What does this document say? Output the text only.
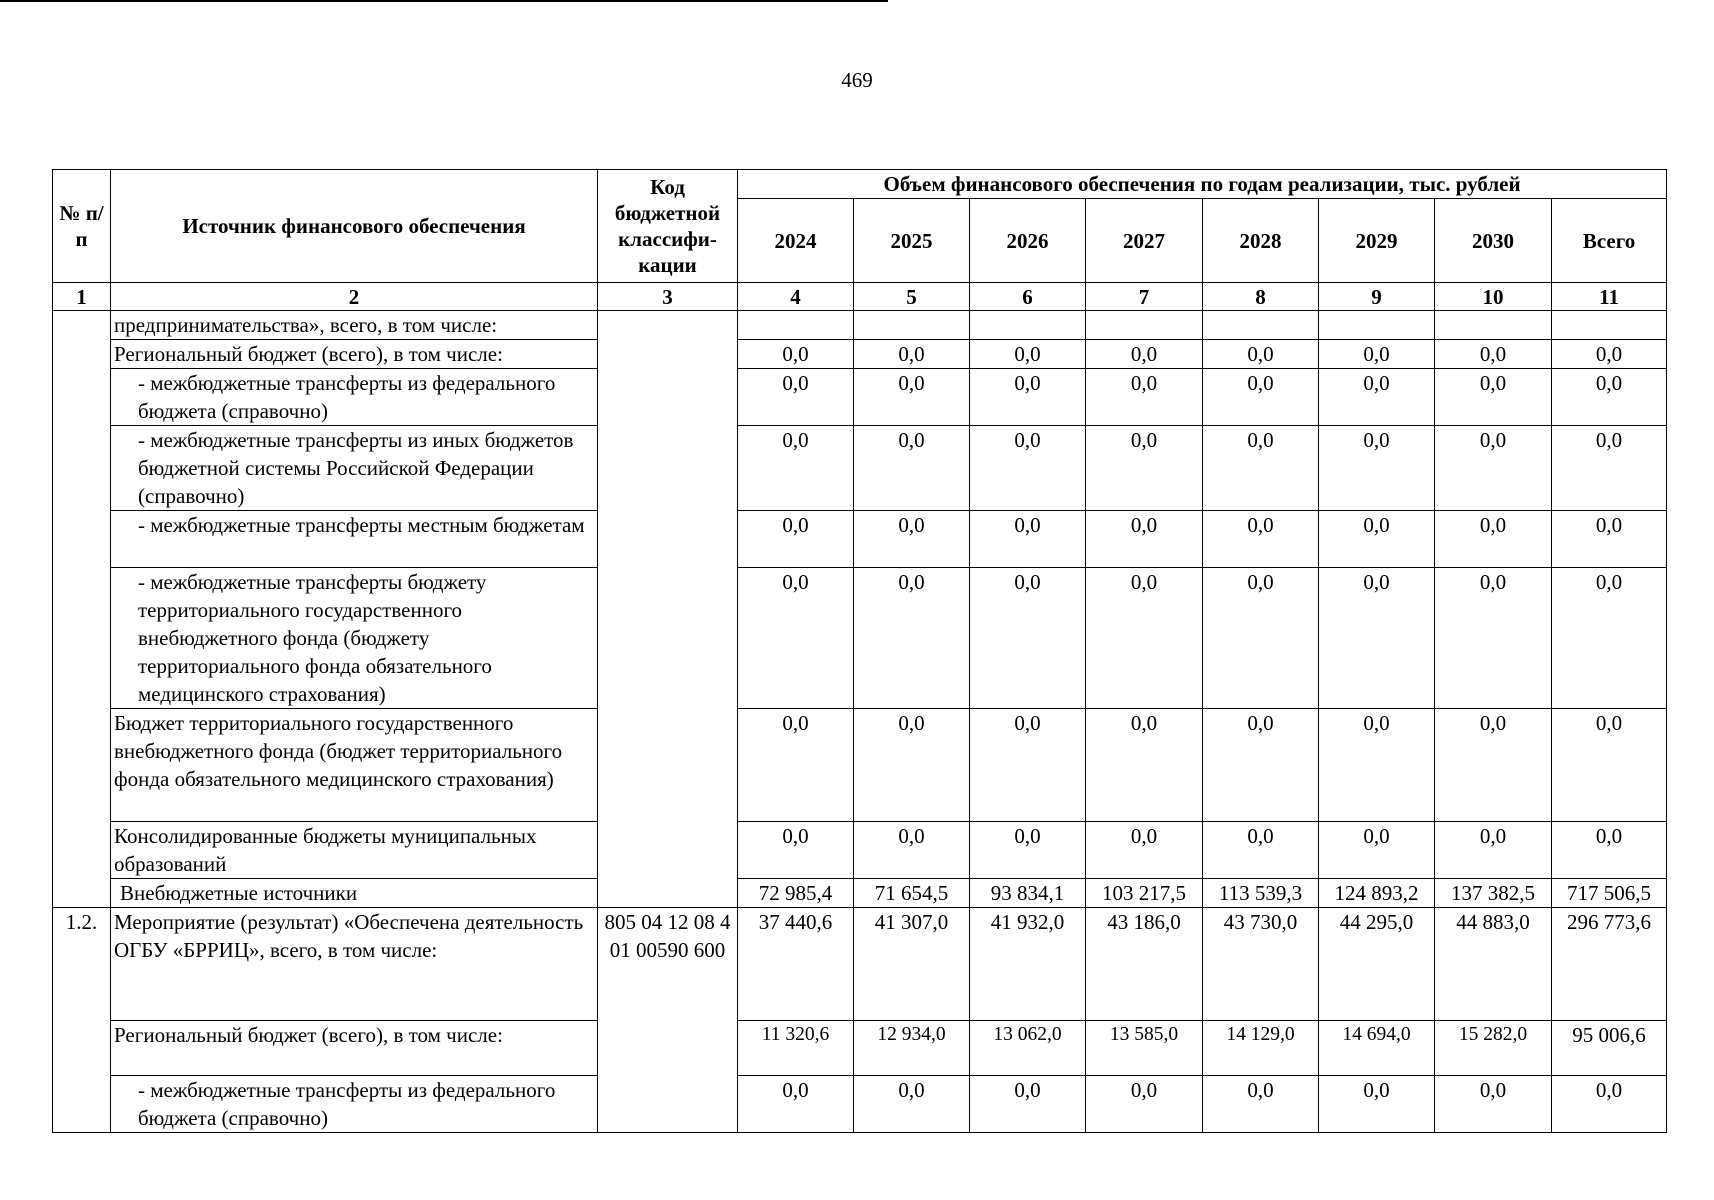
469
№ п/п	Источник финансового обеспечения	Код бюджетной классифи-кации	Объем финансового обеспечения по годам реализации, тыс. рублей							
			2024	2025	2026	2027	2028	2029	2030	Всего
1	2	3	4	5	6	7	8	9	10	11
	предпринимательства», всего, в том числе:									
	Региональный бюджет (всего), в том числе:		0,0	0,0	0,0	0,0	0,0	0,0	0,0	0,0
	- межбюджетные трансферты из федерального бюджета (справочно)		0,0	0,0	0,0	0,0	0,0	0,0	0,0	0,0
	- межбюджетные трансферты из иных бюджетов бюджетной системы Российской Федерации (справочно)		0,0	0,0	0,0	0,0	0,0	0,0	0,0	0,0
	- межбюджетные трансферты местным бюджетам		0,0	0,0	0,0	0,0	0,0	0,0	0,0	0,0
	- межбюджетные трансферты бюджету территориального государственного внебюджетного фонда (бюджету территориального фонда обязательного медицинского страхования)		0,0	0,0	0,0	0,0	0,0	0,0	0,0	0,0
	Бюджет территориального государственного внебюджетного фонда (бюджет территориального фонда обязательного медицинского страхования)		0,0	0,0	0,0	0,0	0,0	0,0	0,0	0,0
	Консолидированные бюджеты муниципальных образований		0,0	0,0	0,0	0,0	0,0	0,0	0,0	0,0
	Внебюджетные источники		72 985,4	71 654,5	93 834,1	103 217,5	113 539,3	124 893,2	137 382,5	717 506,5
1.2.	Мероприятие (результат) «Обеспечена деятельность ОГБУ «БРРИЦ», всего, в том числе:	805 04 12 08 4 01 00590 600	37 440,6	41 307,0	41 932,0	43 186,0	43 730,0	44 295,0	44 883,0	296 773,6
	Региональный бюджет (всего), в том числе:		11 320,6	12 934,0	13 062,0	13 585,0	14 129,0	14 694,0	15 282,0	95 006,6
	- межбюджетные трансферты из федерального бюджета (справочно)		0,0	0,0	0,0	0,0	0,0	0,0	0,0	0,0
